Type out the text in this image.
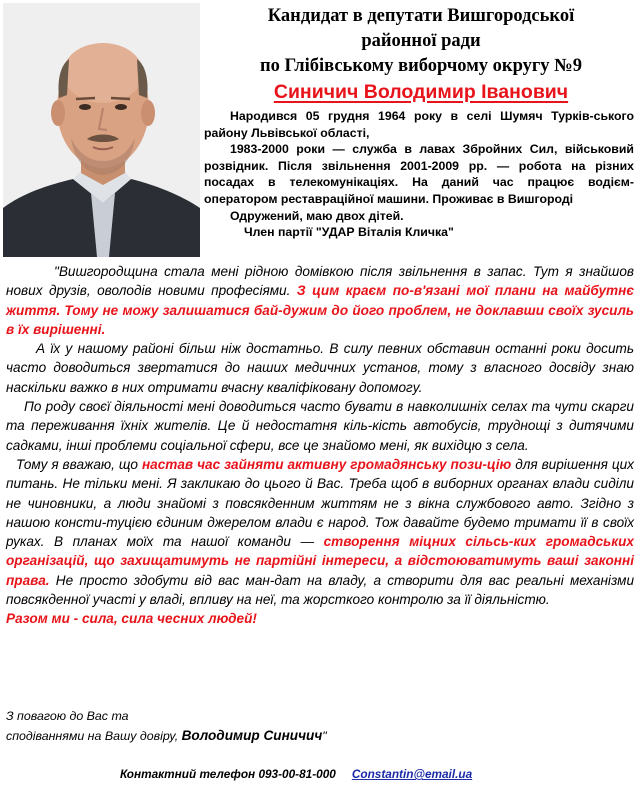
Кандидат в депутати Вишгородської
районної ради
по Глібівському виборчому округу №9
Синичич Володимир Іванович

Народився 05 грудня 1964 року в селі Шумяч Турків-ського району Львівської області,

1983-2000 роки — служба в лавах Збройних Сил, військовий розвідник. Після звільнення 2001-2009 рр. — робота на різних посадах в телекомунікаціях. На даний час працює водієм-оператором реставраційної машини. Проживає в Вишгороді

Одружений, маю двох дітей.

Член партії "УДАР Віталія Кличка"

"Вишгородщина стала мені рідною домівкою після звільнення в запас. Тут я знайшов нових друзів, оволодів новими професіями. З цим краєм по-в'язані мої плани на майбутнє життя. Тому не можу залишатися бай-дужим до його проблем, не доклавши своїх зусиль в їх вирішенні.

А їх у нашому районі більш ніж достатньо. В силу певних обставин останні роки досить часто доводиться звертатися до наших медичних установ, тому з власного досвіду знаю наскільки важко в них отримати вчасну кваліфіковану допомогу.

По роду своєї діяльності мені доводиться часто бувати в навколишніх селах та чути скарги та переживання їхніх жителів. Це й недостатня кіль-кість автобусів, труднощі з дитячими садками, інші проблеми соціальної сфери, все це знайомо мені, як вихідцю з села.

Тому я вважаю, що настав час зайняти активну громадянську пози-цію для вирішення цих питань. Не тільки мені. Я закликаю до цього й Вас. Треба щоб в виборних органах влади сиділи не чиновники, а люди знайомі з повсякденним життям не з вікна службового авто. Згідно з нашою консти-туцією єдиним джерелом влади є народ. Тож давайте будемо тримати її в своїх руках. В планах моїх та нашої команди — створення міцних сільсь-ких громадських організацій, що захищатимуть не партійні інтереси, а відстоюватимуть ваші законні права. Не просто здобути від вас ман-дат на владу, а створити для вас реальні механізми повсякденної участі у владі, впливу на неї, та жорсткого контролю за її діяльністю.

Разом ми - сила, сила чесних людей!

З повагою до Вас та
сподіваннями на Вашу довіру, Володимир Синичич"
Контактний телефон 093-00-81-000 Constantin@email.ua
